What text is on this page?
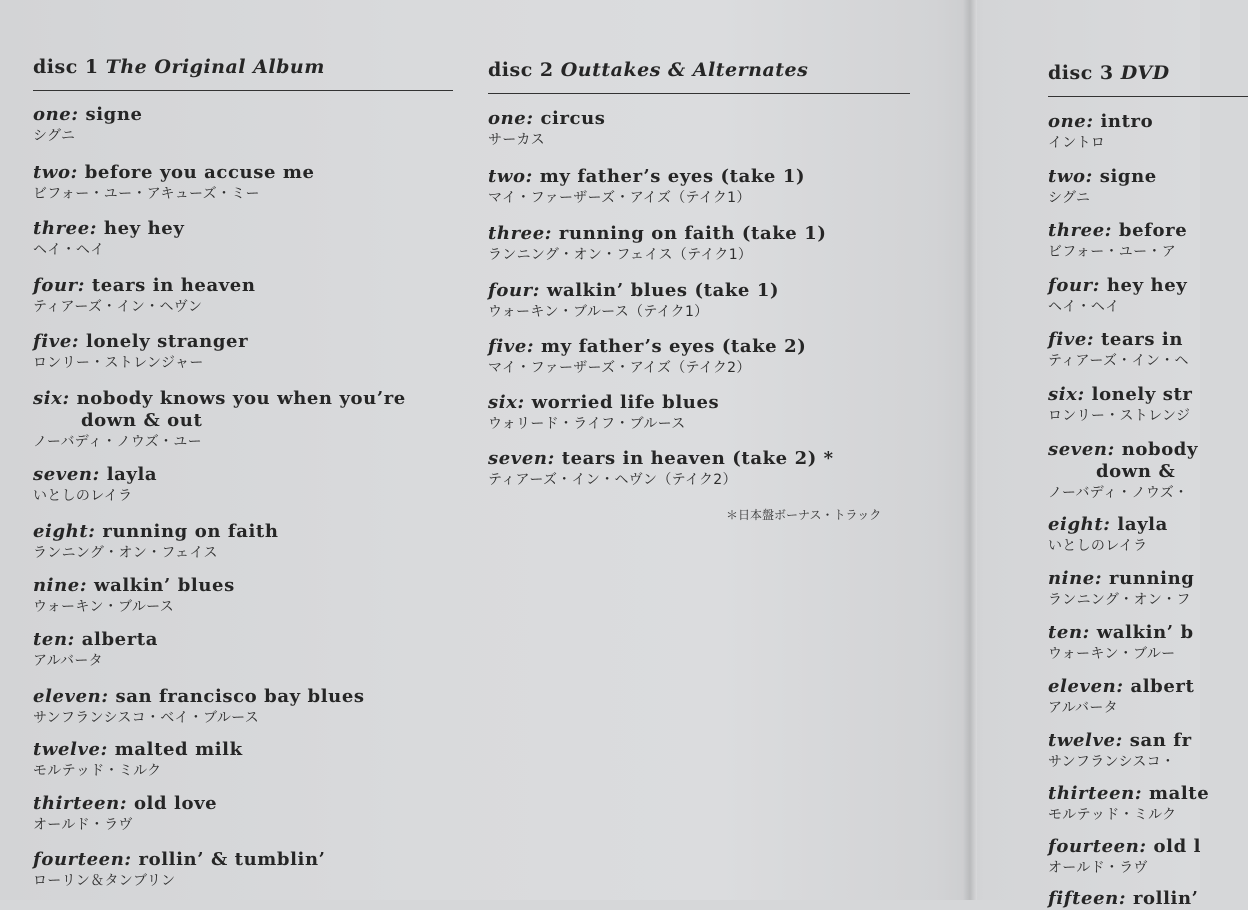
disc 1 The Original Album
one: signe
シグニ
two: before you accuse me
ビフォー・ユー・アキューズ・ミー
three: hey hey
ヘイ・ヘイ
four: tears in heaven
ティアーズ・イン・ヘヴン
five: lonely stranger
ロンリー・ストレンジャー
six: nobody knows you when you’re
down & out
ノーバディ・ノウズ・ユー
seven: layla
いとしのレイラ
eight: running on faith
ランニング・オン・フェイス
nine: walkin’ blues
ウォーキン・ブルース
ten: alberta
アルバータ
eleven: san francisco bay blues
サンフランシスコ・ベイ・ブルース
twelve: malted milk
モルテッド・ミルク
thirteen: old love
オールド・ラヴ
fourteen: rollin’ & tumblin’
ローリン＆タンブリン
disc 2 Outtakes & Alternates
one: circus
サーカス
two: my father’s eyes (take 1)
マイ・ファーザーズ・アイズ（テイク1）
three: running on faith (take 1)
ランニング・オン・フェイス（テイク1）
four: walkin’ blues (take 1)
ウォーキン・ブルース（テイク1）
five: my father’s eyes (take 2)
マイ・ファーザーズ・アイズ（テイク2）
six: worried life blues
ウォリード・ライフ・ブルース
seven: tears in heaven (take 2) *
ティアーズ・イン・ヘヴン（テイク2）
＊日本盤ボーナス・トラック
disc 3 DVD
one: intro
イントロ
two: signe
シグニ
three: before
ビフォー・ユー・ア
four: hey hey
ヘイ・ヘイ
five: tears in
ティアーズ・イン・ヘ
six: lonely str
ロンリー・ストレンジ
seven: nobody
down &
ノーバディ・ノウズ・
eight: layla
いとしのレイラ
nine: running
ランニング・オン・フ
ten: walkin’ b
ウォーキン・ブルー
eleven: albert
アルバータ
twelve: san fr
サンフランシスコ・
thirteen: malte
モルテッド・ミルク
fourteen: old l
オールド・ラヴ
fifteen: rollin’
